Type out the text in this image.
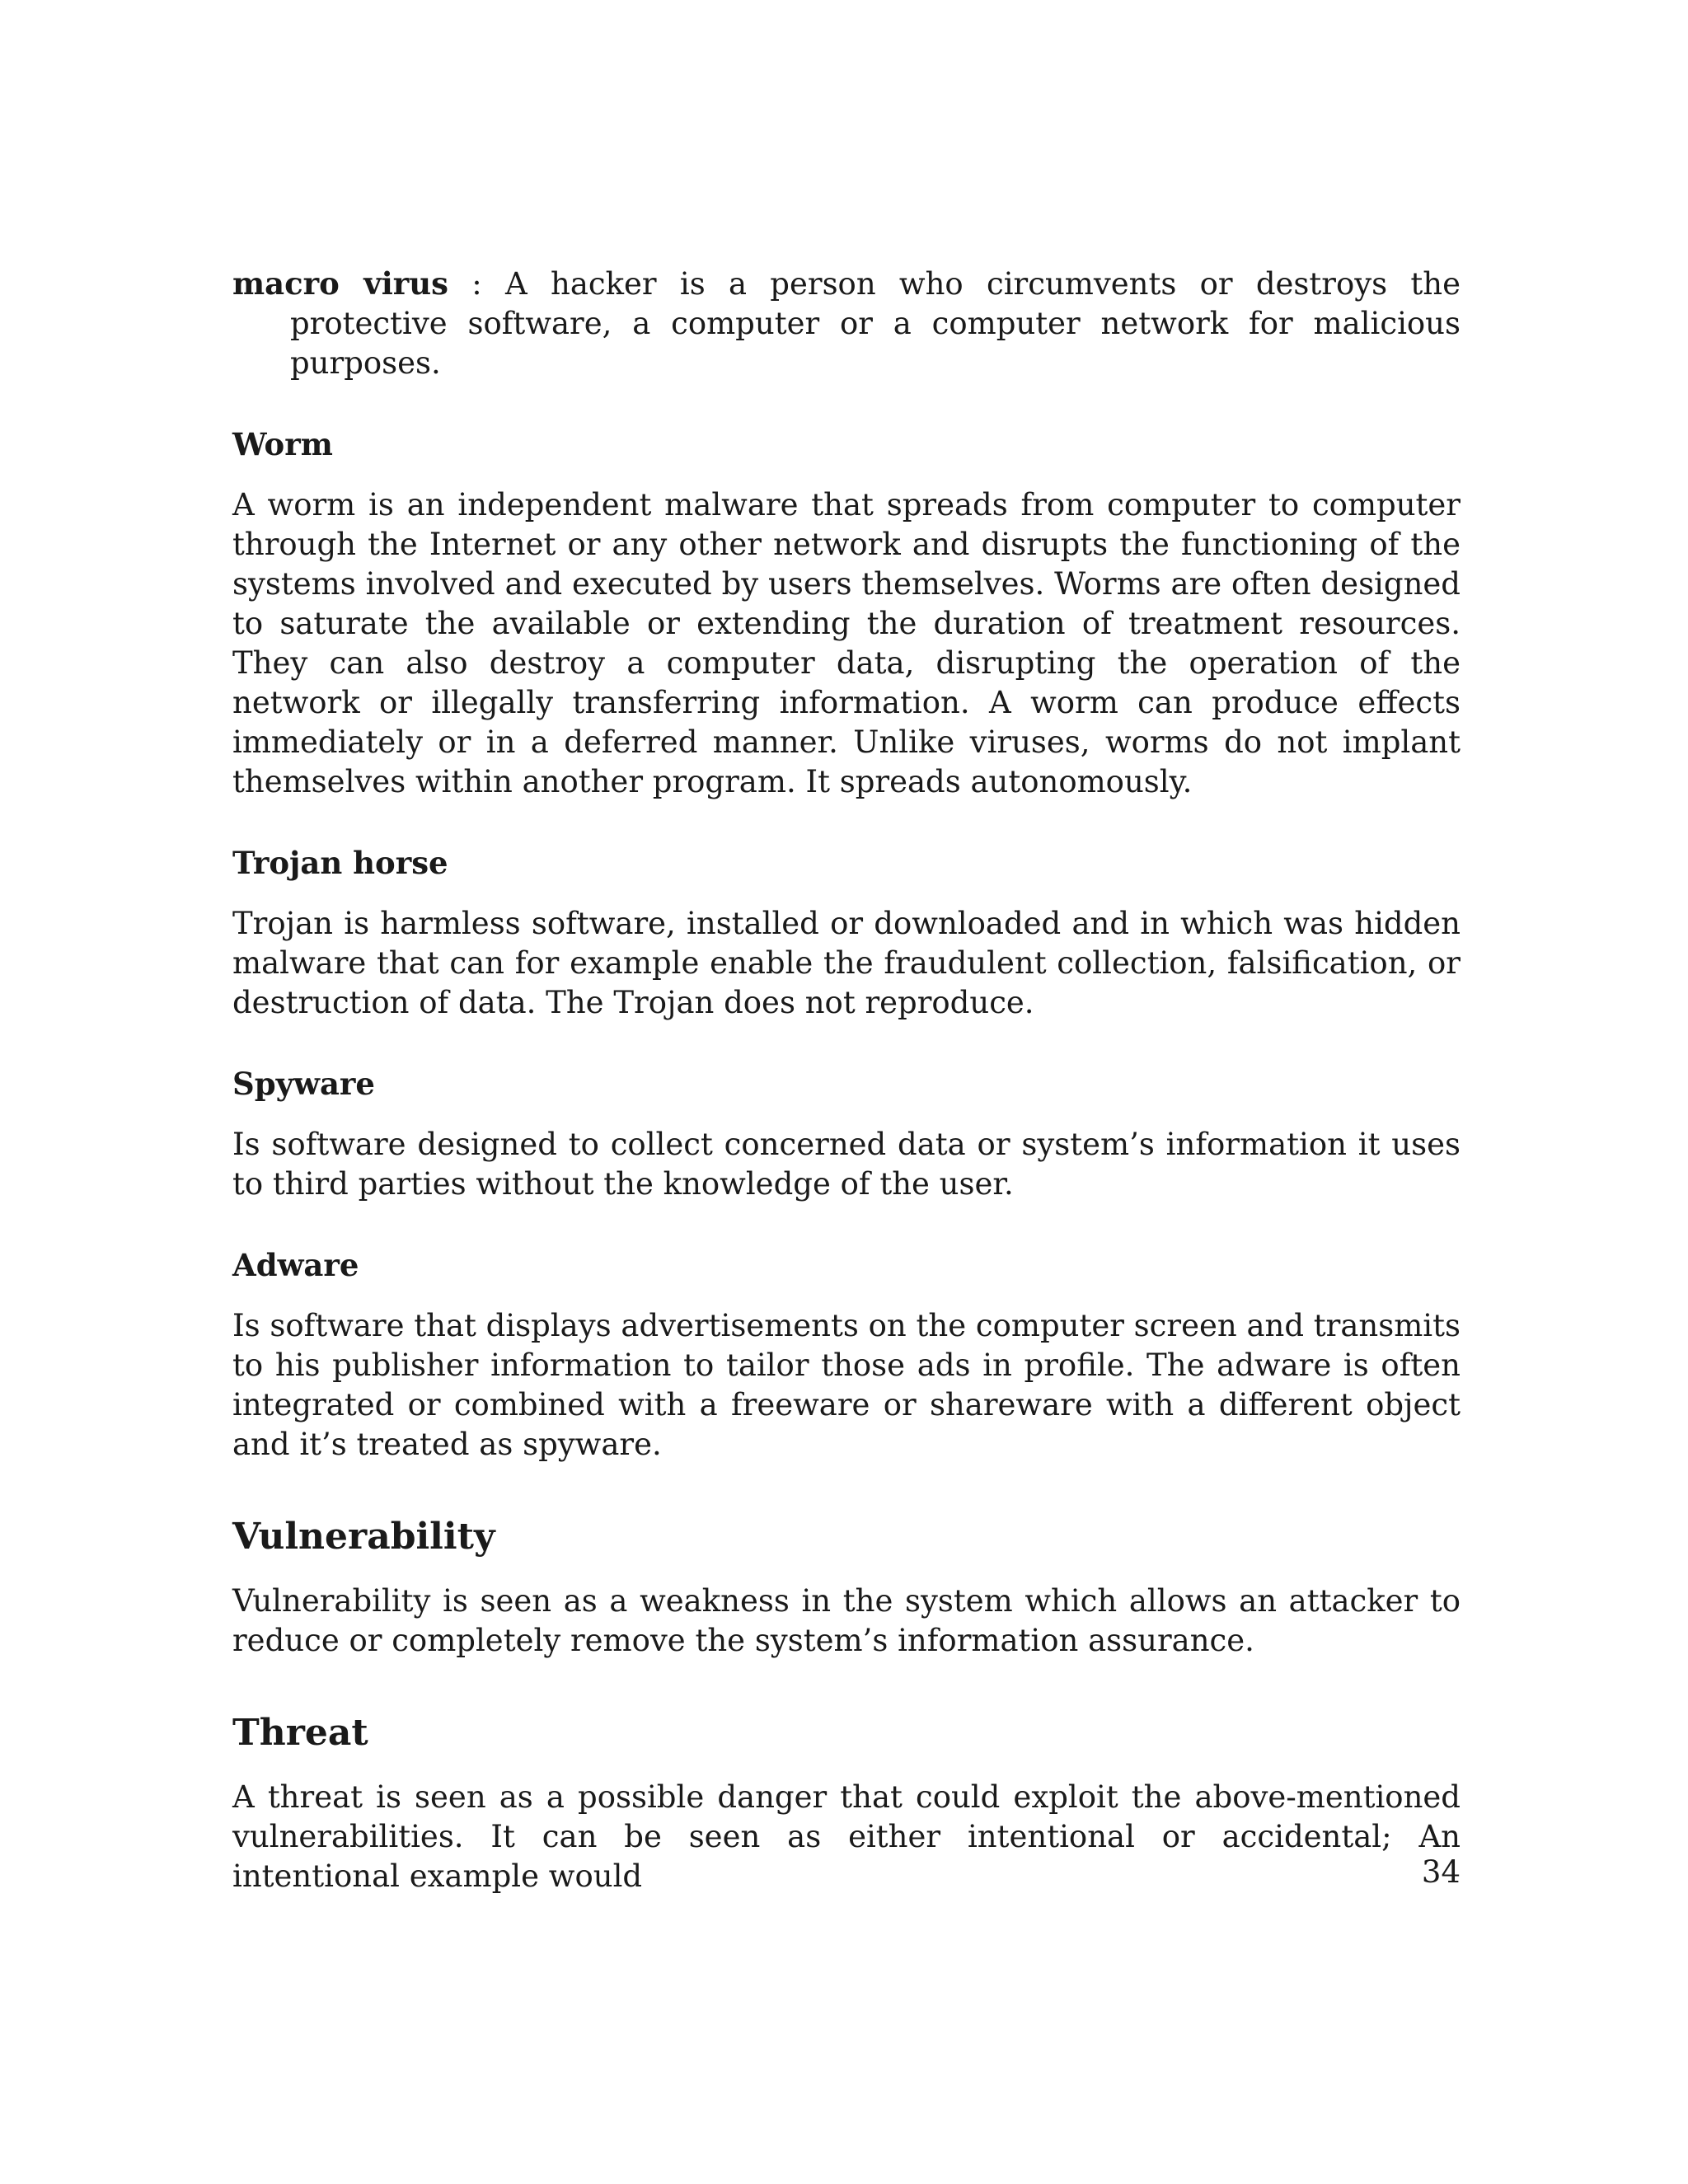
macro virus : A hacker is a person who circumvents or destroys the protective software, a computer or a computer network for malicious purposes.

Worm

A worm is an independent malware that spreads from computer to computer through the Internet or any other network and disrupts the functioning of the systems involved and executed by users themselves. Worms are often designed to saturate the available or extending the duration of treatment resources. They can also destroy a computer data, disrupting the operation of the network or illegally transferring information. A worm can produce effects immediately or in a deferred manner. Unlike viruses, worms do not implant themselves within another program. It spreads autonomously.

Trojan horse

Trojan is harmless software, installed or downloaded and in which was hidden malware that can for example enable the fraudulent collection, falsification, or destruction of data. The Trojan does not reproduce.

Spyware

Is software designed to collect concerned data or system’s information it uses to third parties without the knowledge of the user.

Adware

Is software that displays advertisements on the computer screen and transmits to his publisher information to tailor those ads in profile. The adware is often integrated or combined with a freeware or shareware with a different object and it’s treated as spyware.

Vulnerability

Vulnerability is seen as a weakness in the system which allows an attacker to reduce or completely remove the system’s information assurance.

Threat

A threat is seen as a possible danger that could exploit the above-mentioned vulnerabilities. It can be seen as either intentional or accidental; An intentional example would	34
